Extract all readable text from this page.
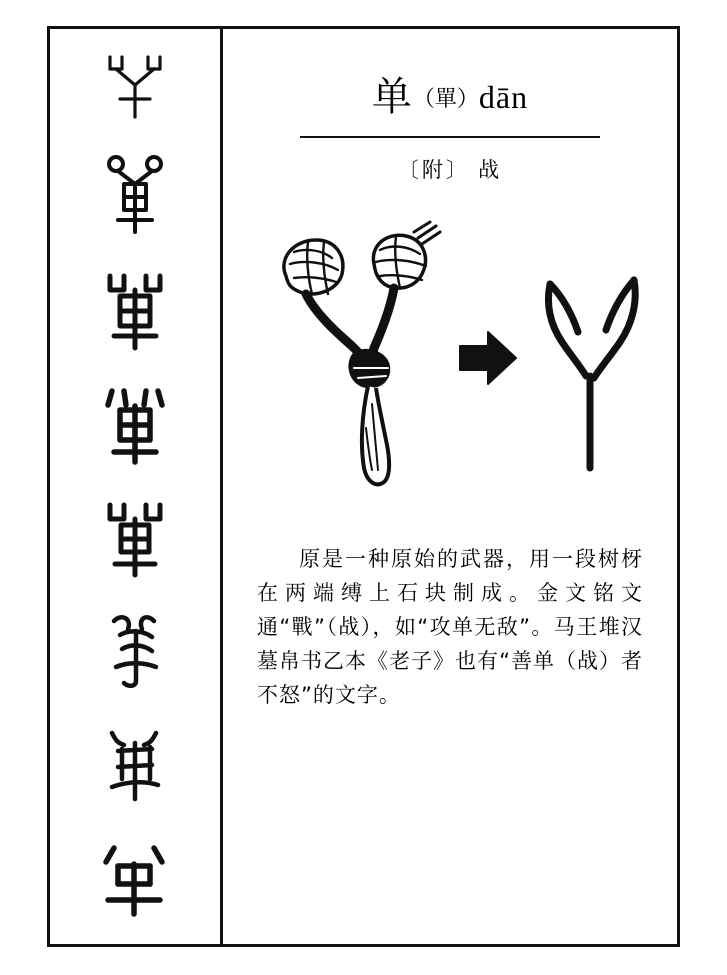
单（單）dān
〔附〕 战
原是一种原始的武器，用一段树枒在两端缚上石块制成。金文铭文通“戰”（战），如“攻单无敌”。马王堆汉墓帛书乙本《老子》也有“善单（战）者不怒”的文字。
